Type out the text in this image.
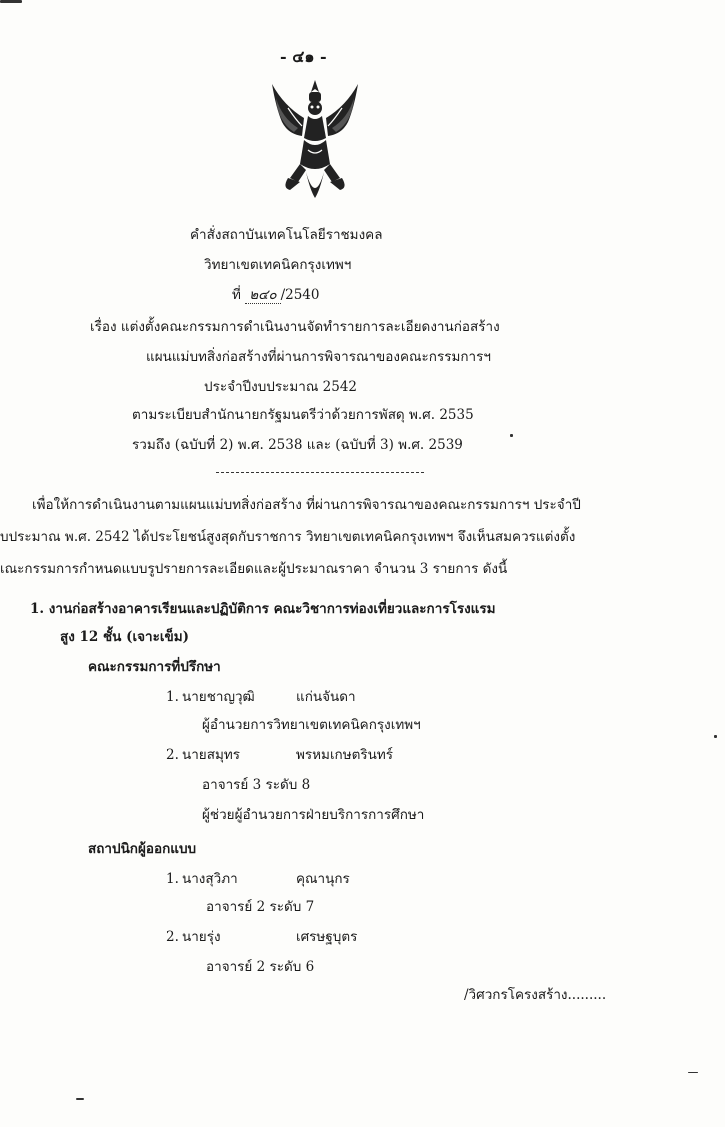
- ๔๑ -
คำสั่งสถาบันเทคโนโลยีราชมงคล
วิทยาเขตเทคนิคกรุงเทพฯ
ที่ ๒๔๐ /2540
เรื่อง แต่งตั้งคณะกรรมการดำเนินงานจัดทำรายการละเอียดงานก่อสร้าง
แผนแม่บทสิ่งก่อสร้างที่ผ่านการพิจารณาของคณะกรรมการฯ
ประจำปีงบประมาณ 2542
ตามระเบียบสำนักนายกรัฐมนตรีว่าด้วยการพัสดุ พ.ศ. 2535
รวมถึง (ฉบับที่ 2) พ.ศ. 2538 และ (ฉบับที่ 3) พ.ศ. 2539
เพื่อให้การดำเนินงานตามแผนแม่บทสิ่งก่อสร้าง ที่ผ่านการพิจารณาของคณะกรรมการฯ ประจำปี
บประมาณ พ.ศ. 2542 ได้ประโยชน์สูงสุดกับราชการ วิทยาเขตเทคนิคกรุงเทพฯ จึงเห็นสมควรแต่งตั้ง
เณะกรรมการกำหนดแบบรูปรายการละเอียดและผู้ประมาณราคา จำนวน 3 รายการ ดังนี้
1. งานก่อสร้างอาคารเรียนและปฏิบัติการ คณะวิชาการท่องเที่ยวและการโรงแรม
สูง 12 ชั้น (เจาะเข็ม)
คณะกรรมการที่ปรึกษา
1. นายชาญวุฒิ	แก่นจันดา
ผู้อำนวยการวิทยาเขตเทคนิคกรุงเทพฯ
2. นายสมุทร	พรหมเกษตรินทร์
อาจารย์ 3 ระดับ 8
ผู้ช่วยผู้อำนวยการฝ่ายบริการการศึกษา
สถาปนิกผู้ออกแบบ
1. นางสุวิภา	คุณานุกร
อาจารย์ 2 ระดับ 7
2. นายรุ่ง	เศรษฐบุตร
อาจารย์ 2 ระดับ 6
/วิศวกรโครงสร้าง.........
